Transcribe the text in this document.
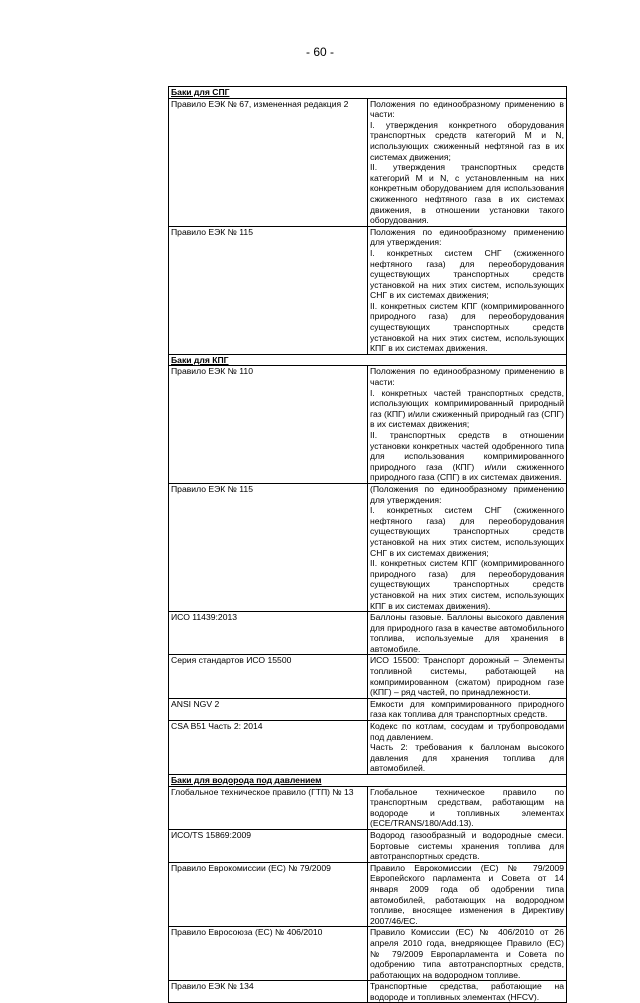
- 60 -
Баки для СПГ	
Правило ЕЭК № 67, измененная редакция 2	Положения по единообразному применению в части:
I. утверждения конкретного оборудования транспортных средств категорий M и N, использующих сжиженный нефтяной газ в их системах движения;
II. утверждения транспортных средств категорий M и N, с установленным на них конкретным оборудованием для использования сжиженного нефтяного газа в их системах движения, в отношении установки такого оборудования.

Правило ЕЭК № 115	Положения по единообразному применению для утверждения:
I. конкретных систем СНГ (сжиженного нефтяного газа) для переоборудования существующих транспортных средств установкой на них этих систем, использующих СНГ в их системах движения;
II. конкретных систем КПГ (компримированного природного газа) для переоборудования существующих транспортных средств установкой на них этих систем, использующих КПГ в их системах движения.

Баки для КПГ	
Правило ЕЭК № 110	Положения по единообразному применению в части:
I. конкретных частей транспортных средств, использующих компримированный природный газ (КПГ) и/или сжиженный природный газ (СПГ) в их системах движения;
II. транспортных средств в отношении установки конкретных частей одобренного типа для использования компримированного природного газа (КПГ) и/или сжиженного природного газа (СПГ) в их системах движения.

Правило ЕЭК № 115	(Положения по единообразному применению для утверждения:
I. конкретных систем СНГ (сжиженного нефтяного газа) для переоборудования существующих транспортных средств установкой на них этих систем, использующих СНГ в их системах движения;
II. конкретных систем КПГ (компримированного природного газа) для переоборудования существующих транспортных средств установкой на них этих систем, использующих КПГ в их системах движения).

ИСО 11439:2013	Баллоны газовые. Баллоны высокого давления для природного газа в качестве автомобильного топлива, используемые для хранения в автомобиле.

Серия стандартов ИСО 15500	ИСО 15500: Транспорт дорожный – Элементы топливной системы, работающей на компримированном (сжатом) природном газе (КПГ) – ряд частей, по принадлежности.

ANSI NGV 2	Емкости для компримированного природного газа как топлива для транспортных средств.

CSA B51 Часть 2: 2014	Кодекс по котлам, сосудам и трубопроводами под давлением.
Часть 2: требования к баллонам высокого давления для хранения топлива для автомобилей.

Баки для водорода под давлением	
Глобальное техническое правило (ГТП) № 13	Глобальное техническое правило по транспортным средствам, работающим на водороде и топливных элементах (ECE/TRANS/180/Add.13).

ИСО/TS 15869:2009	Водород газообразный и водородные смеси. Бортовые системы хранения топлива для автотранспортных средств.

Правило Еврокомиссии (ЕС) № 79/2009	Правило Еврокомиссии (ЕС) № 79/2009 Европейского парламента и Совета от 14 января 2009 года об одобрении типа автомобилей, работающих на водородном топливе, вносящее изменения в Директиву 2007/46/ЕС.

Правило Евросоюза (ЕС) № 406/2010	Правило Комиссии (ЕС) № 406/2010 от 26 апреля 2010 года, внедряющее Правило (ЕС) № 79/2009 Европарламента и Совета по одобрению типа автотранспортных средств, работающих на водородном топливе.

Правило ЕЭК № 134	Транспортные средства, работающие на водороде и топливных элементах (HFCV).
